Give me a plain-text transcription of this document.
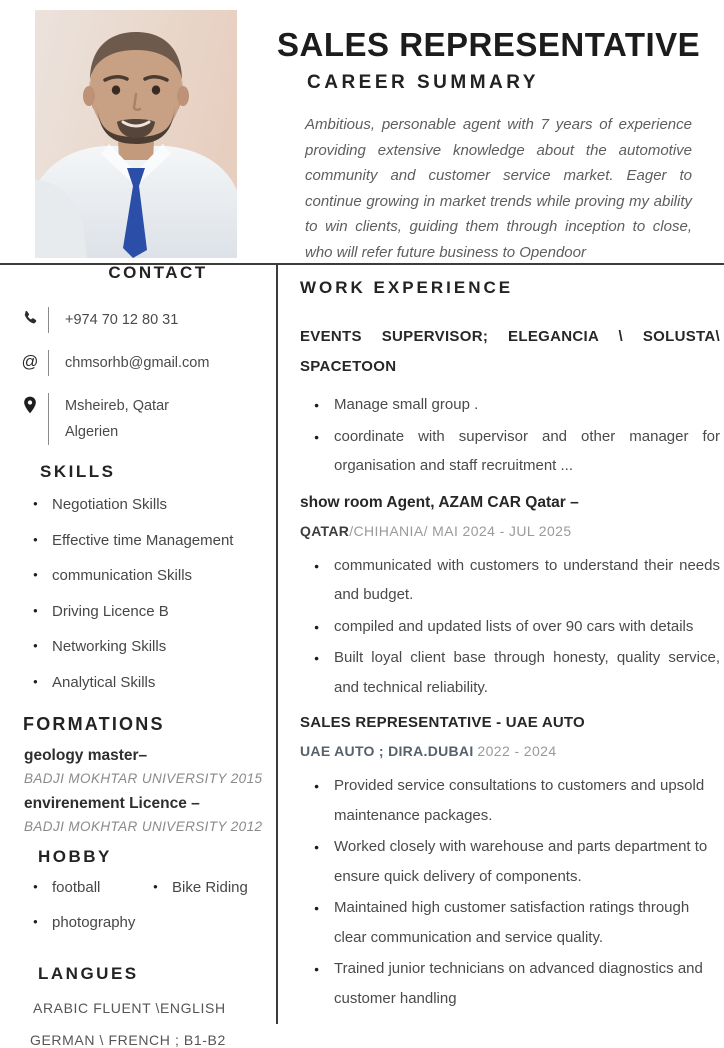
SALES REPRESENTATIVE
CAREER SUMMARY
Ambitious, personable agent with 7 years of experience providing extensive knowledge about the automotive community and customer service market. Eager to continue growing in market trends while proving my ability to win clients, guiding them through inception to close, who will refer future business to Opendoor
CONTACT
+974 70 12 80 31
@ chmsorhb@gmail.com
Msheireb, Qatar
Algerien
SKILLS
● Negotiation Skills
● Effective time Management
● communication Skills
● Driving Licence B
● Networking Skills
● Analytical Skills
FORMATIONS
geology master–
BADJI MOKHTAR UNIVERSITY 2015
envirenement Licence –
BADJI MOKHTAR UNIVERSITY 2012
HOBBY
● football
● photography
● Bike Riding
LANGUES
ARABIC FLUENT \ENGLISH
GERMAN \ FRENCH ; B1-B2
WORK EXPERIENCE
EVENTS SUPERVISOR; ELEGANCIA \ SOLUSTA\ SPACETOON
● Manage small group .
● coordinate with supervisor and other manager for organisation and staff recruitment ...
show room Agent, AZAM CAR Qatar –
QATAR/CHIHANIA/ MAI 2024 - JUL 2025
● communicated with customers to understand their needs and budget.
● compiled and updated lists of over 90 cars with details
● Built loyal client base through honesty, quality service, and technical reliability.
SALES REPRESENTATIVE - UAE AUTO
UAE AUTO ; DIRA.DUBAI 2022 - 2024
● Provided service consultations to customers and upsold maintenance packages.
● Worked closely with warehouse and parts department to ensure quick delivery of components.
● Maintained high customer satisfaction ratings through clear communication and service quality.
● Trained junior technicians on advanced diagnostics and customer handling
